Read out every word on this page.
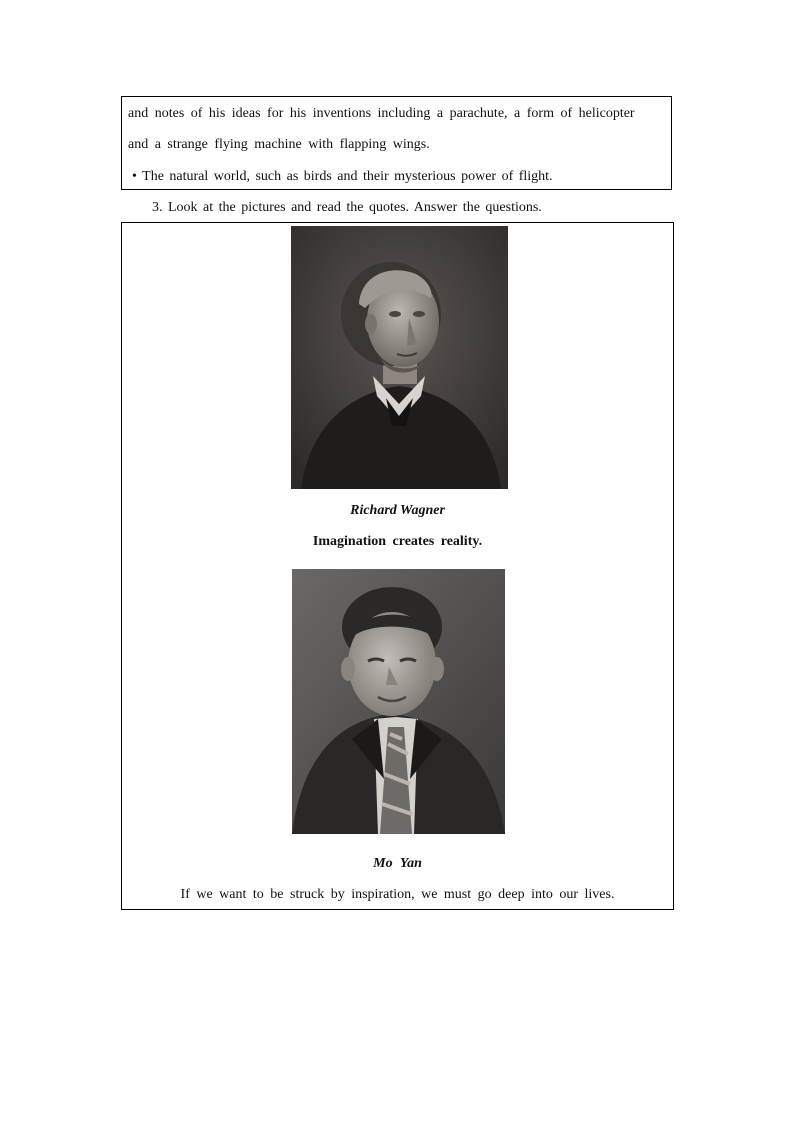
and notes of his ideas for his inventions including a parachute, a form of helicopter
and a strange flying machine with flapping wings.
• The natural world, such as birds and their mysterious power of flight.
3. Look at the pictures and read the quotes. Answer the questions.
Richard Wagner
Imagination creates reality.
Mo Yan
If we want to be struck by inspiration, we must go deep into our lives.
